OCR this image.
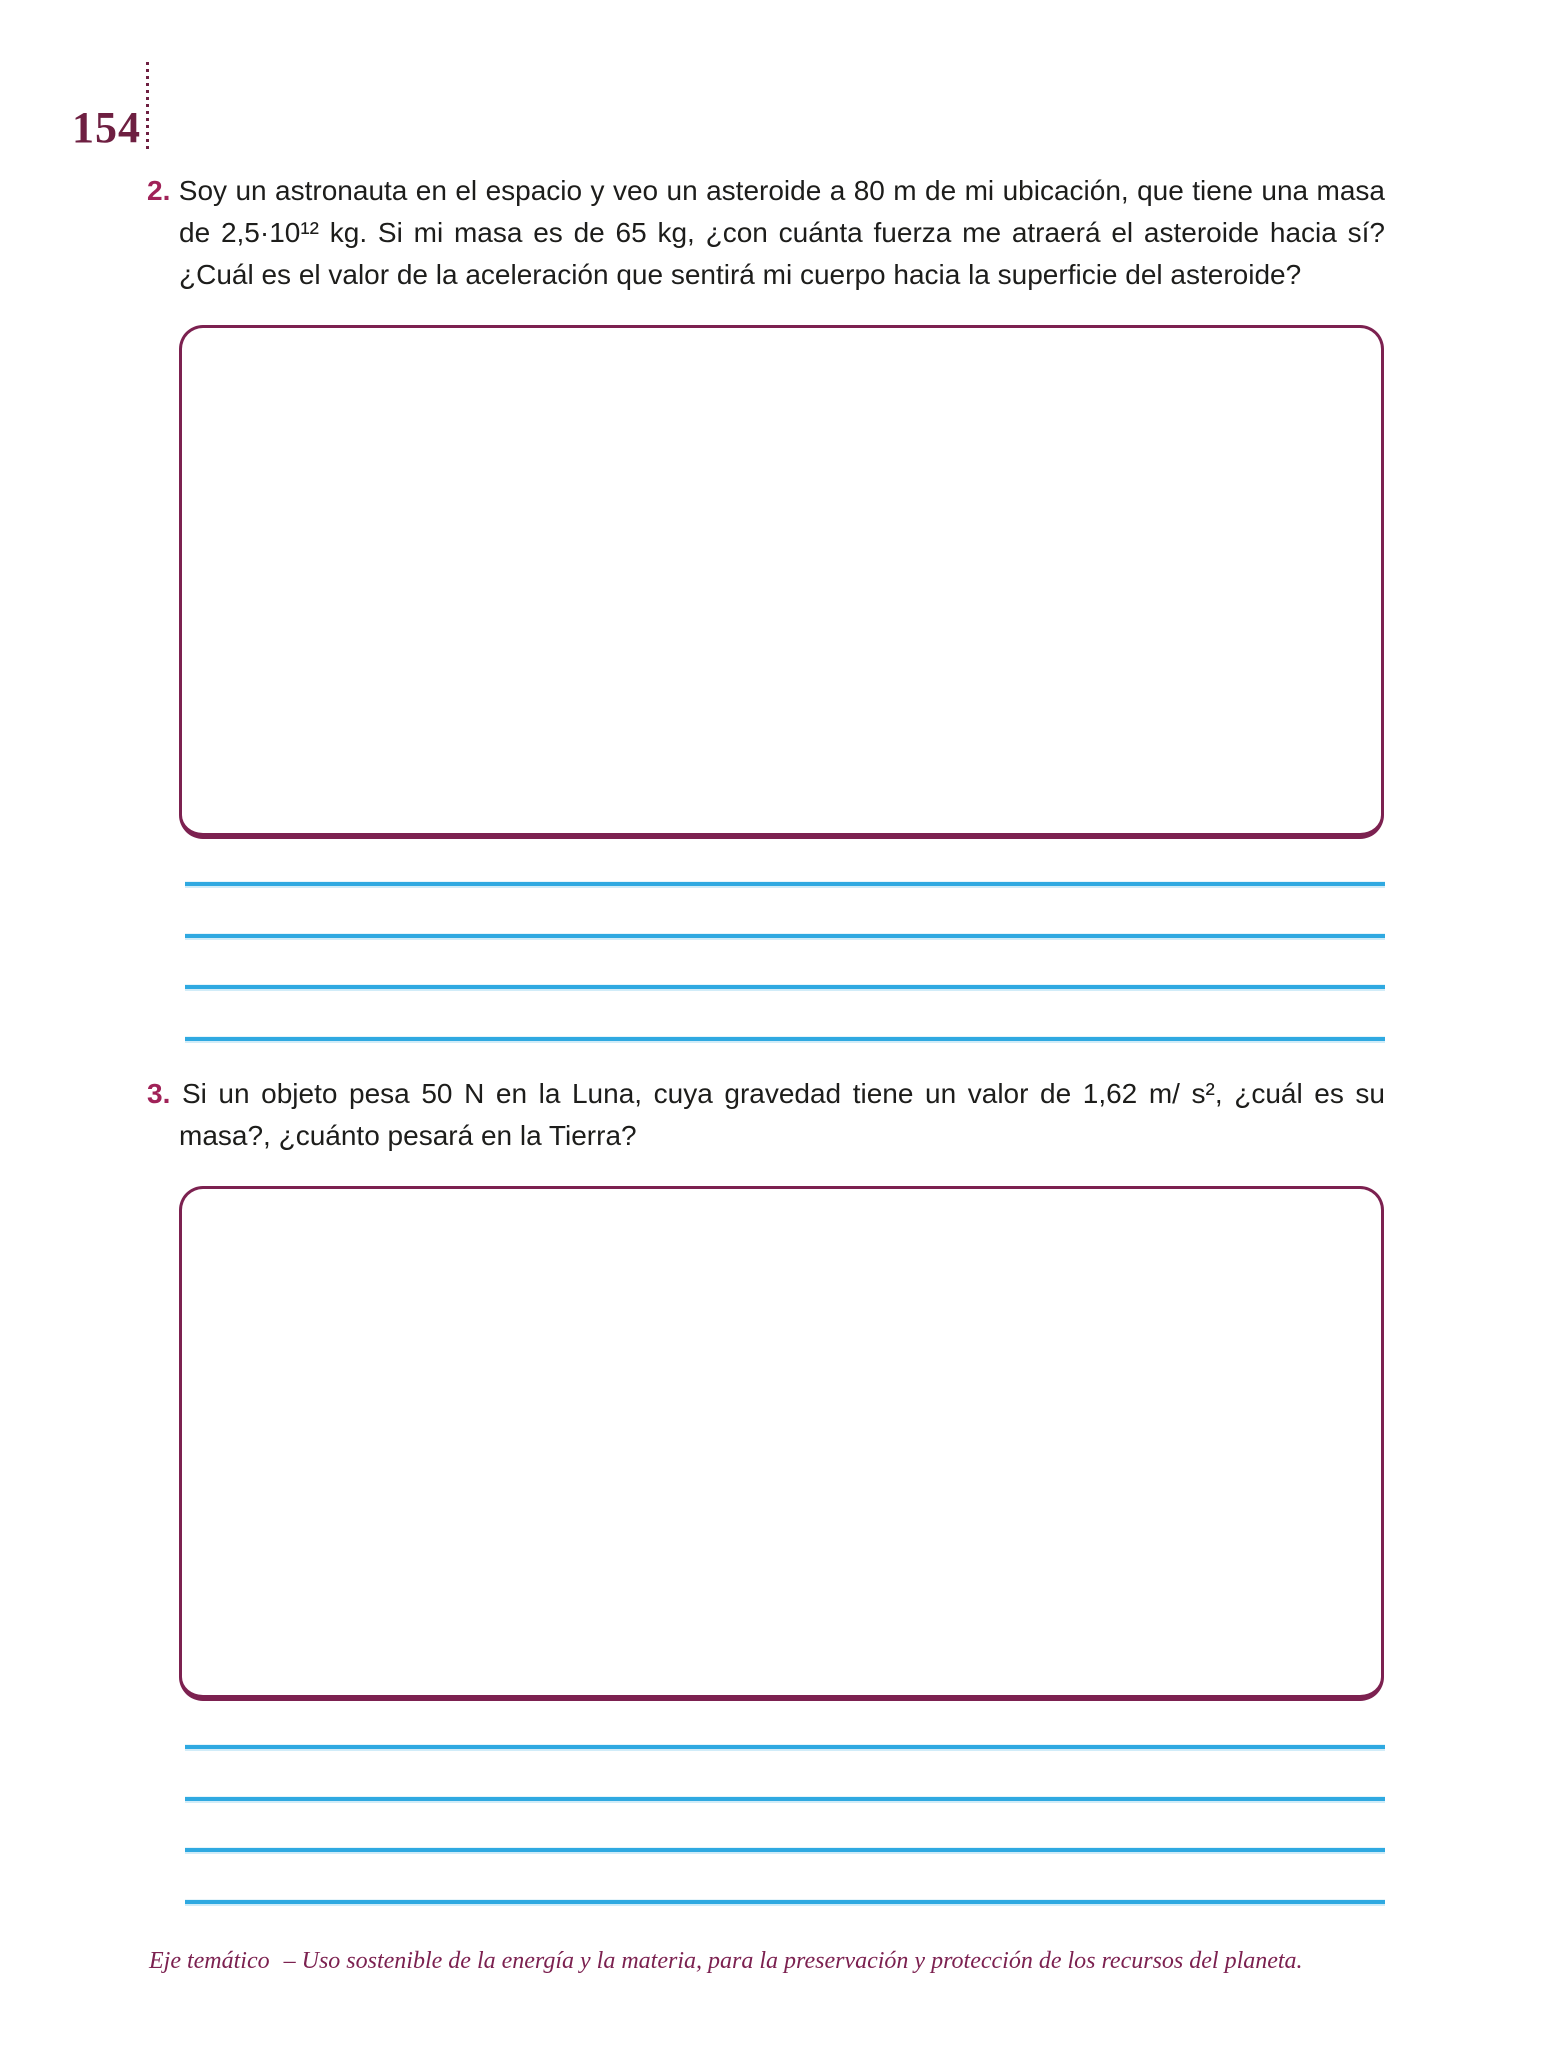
154
2. Soy un astronauta en el espacio y veo un asteroide a 80 m de mi ubicación, que tiene una masa
de 2,5·10¹² kg. Si mi masa es de 65 kg, ¿con cuánta fuerza me atraerá el asteroide hacia sí?
¿Cuál es el valor de la aceleración que sentirá mi cuerpo hacia la superficie del asteroide?
3. Si un objeto pesa 50 N en la Luna, cuya gravedad tiene un valor de 1,62 m/ s², ¿cuál es su
masa?, ¿cuánto pesará en la Tierra?
Eje temático – Uso sostenible de la energía y la materia, para la preservación y protección de los recursos del planeta.
